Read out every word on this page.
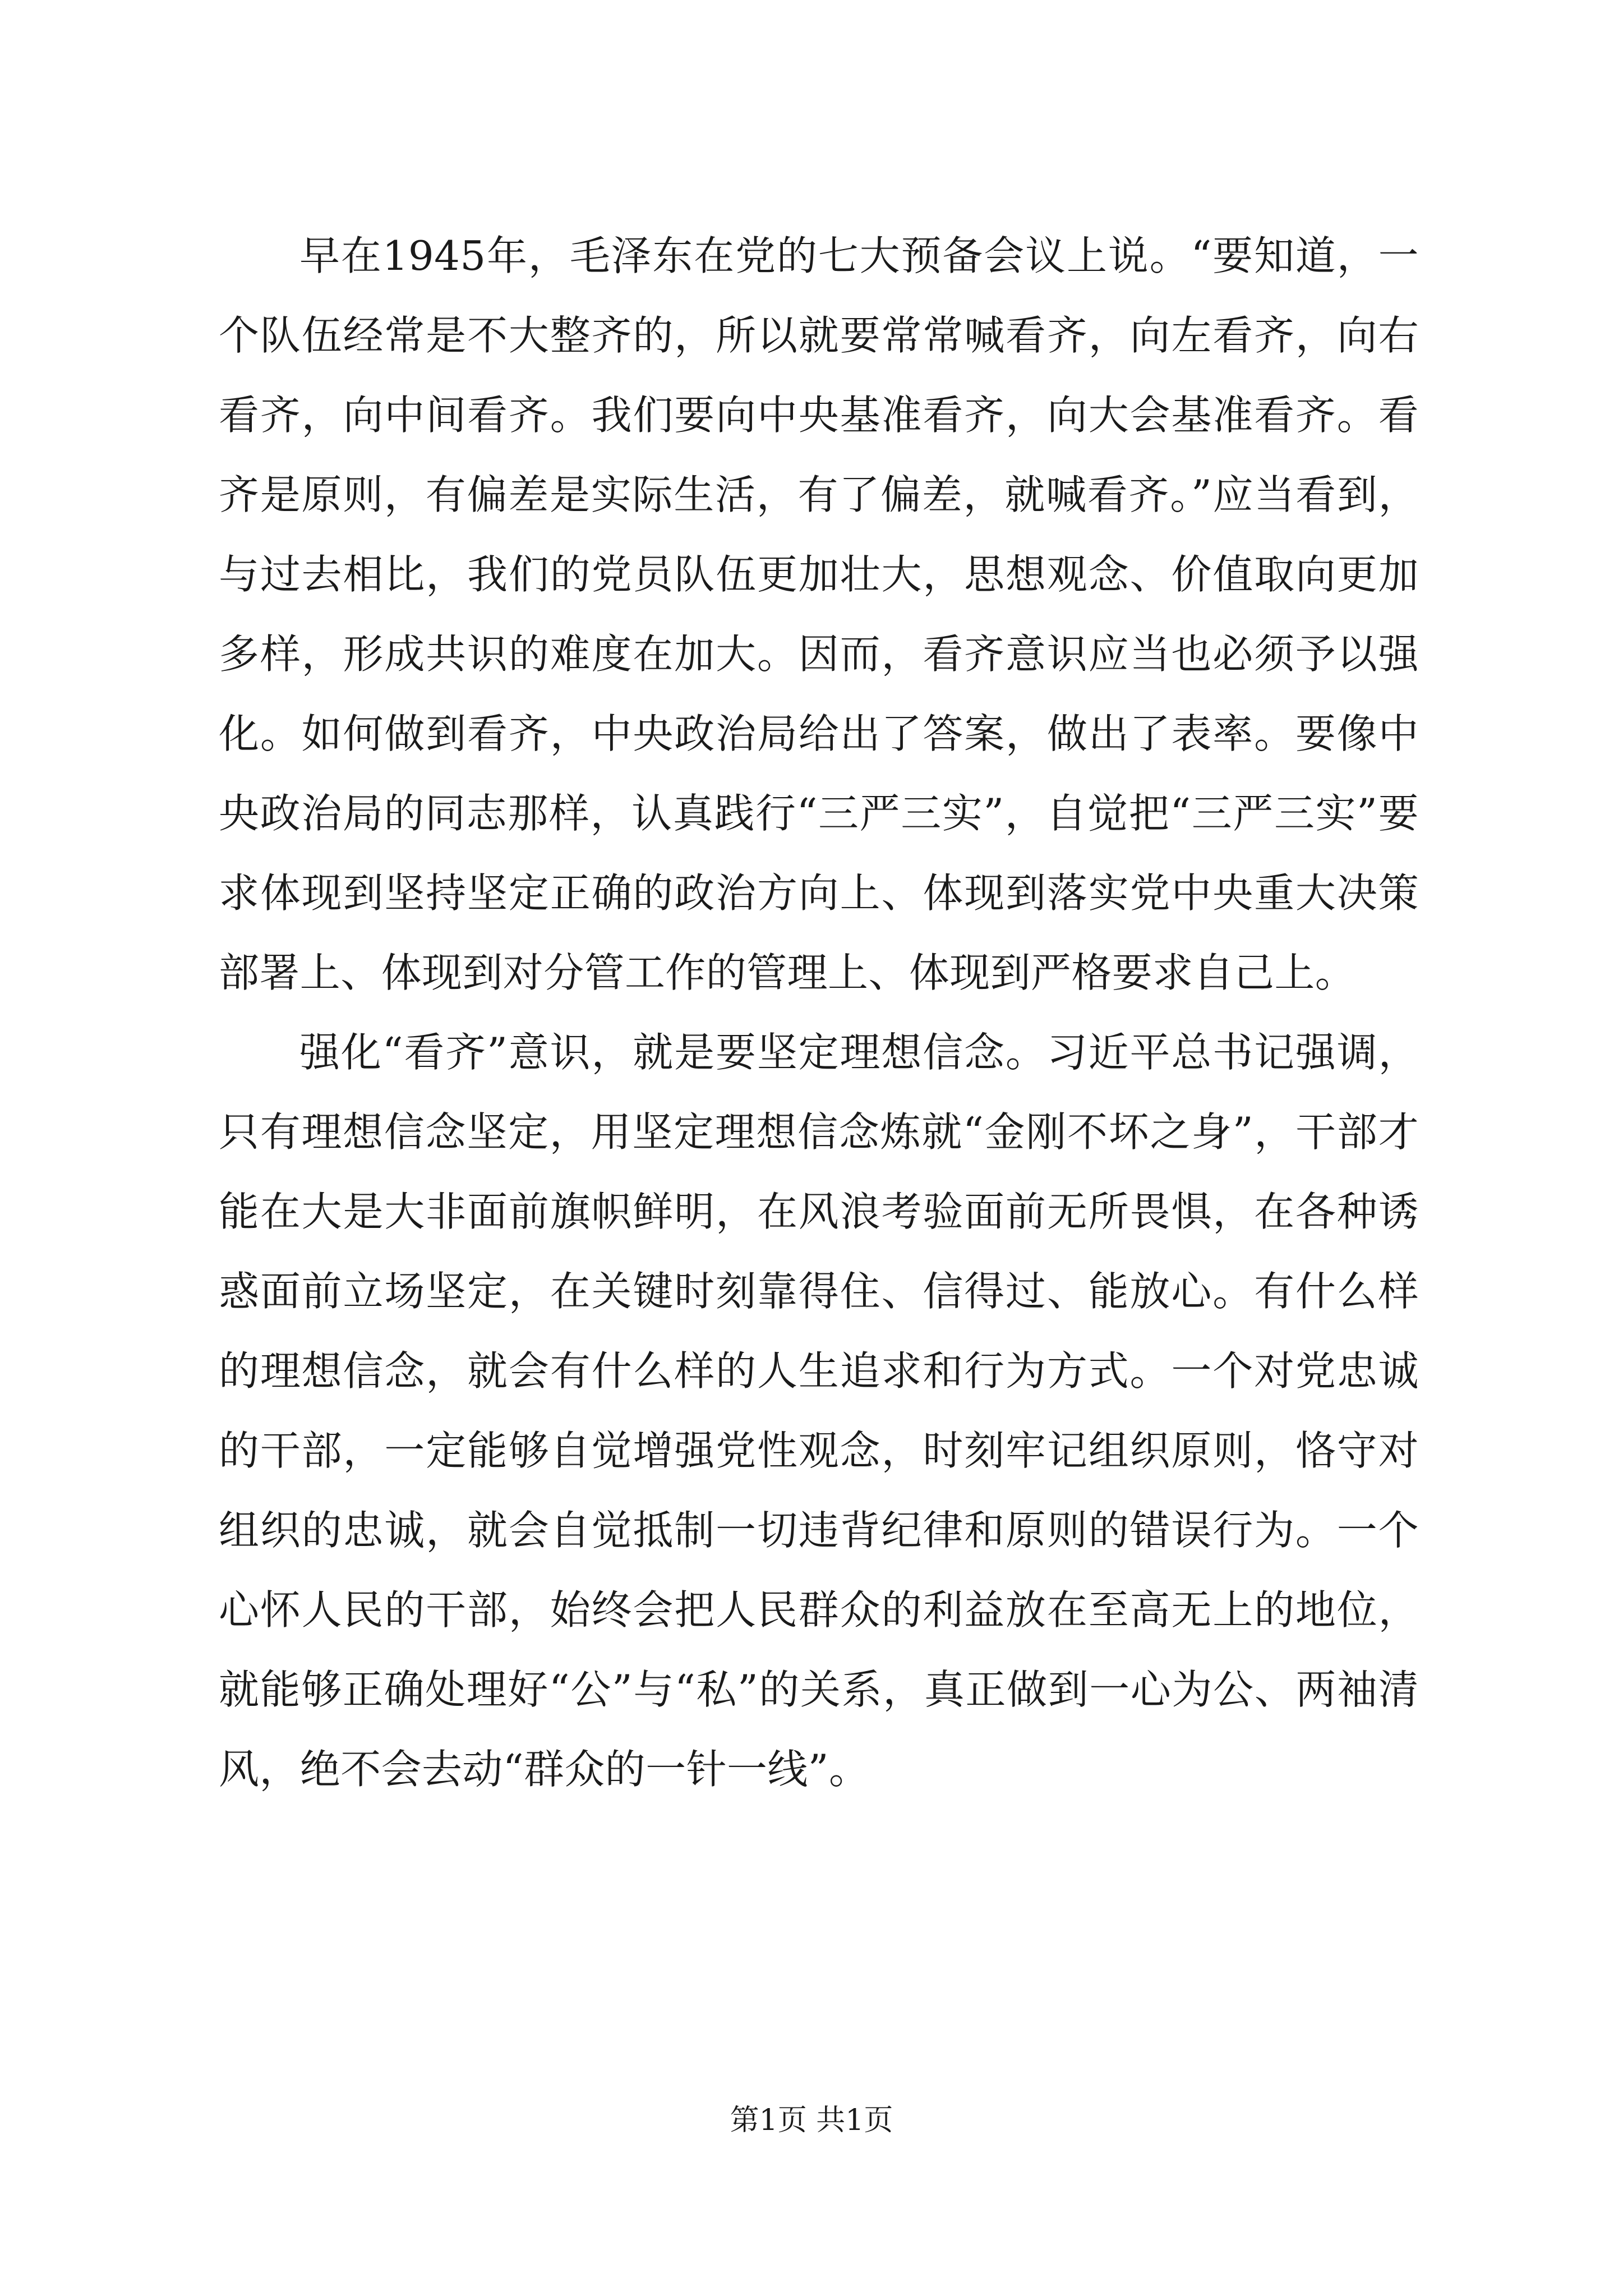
早在1945年，毛泽东在党的七大预备会议上说。“要知道，一个队伍经常是不大整齐的，所以就要常常喊看齐，向左看齐，向右看齐，向中间看齐。我们要向中央基准看齐，向大会基准看齐。看齐是原则，有偏差是实际生活，有了偏差，就喊看齐。”应当看到，与过去相比，我们的党员队伍更加壮大，思想观念、价值取向更加多样，形成共识的难度在加大。因而，看齐意识应当也必须予以强化。如何做到看齐，中央政治局给出了答案，做出了表率。要像中央政治局的同志那样，认真践行“三严三实”，自觉把“三严三实”要求体现到坚持坚定正确的政治方向上、体现到落实党中央重大决策部署上、体现到对分管工作的管理上、体现到严格要求自己上。

强化“看齐”意识，就是要坚定理想信念。习近平总书记强调，只有理想信念坚定，用坚定理想信念炼就“金刚不坏之身”，干部才能在大是大非面前旗帜鲜明，在风浪考验面前无所畏惧，在各种诱惑面前立场坚定，在关键时刻靠得住、信得过、能放心。有什么样的理想信念，就会有什么样的人生追求和行为方式。一个对党忠诚的干部，一定能够自觉增强党性观念，时刻牢记组织原则，恪守对组织的忠诚，就会自觉抵制一切违背纪律和原则的错误行为。一个心怀人民的干部，始终会把人民群众的利益放在至高无上的地位，就能够正确处理好“公”与“私”的关系，真正做到一心为公、两袖清风，绝不会去动“群众的一针一线”。

第1页 共1页
